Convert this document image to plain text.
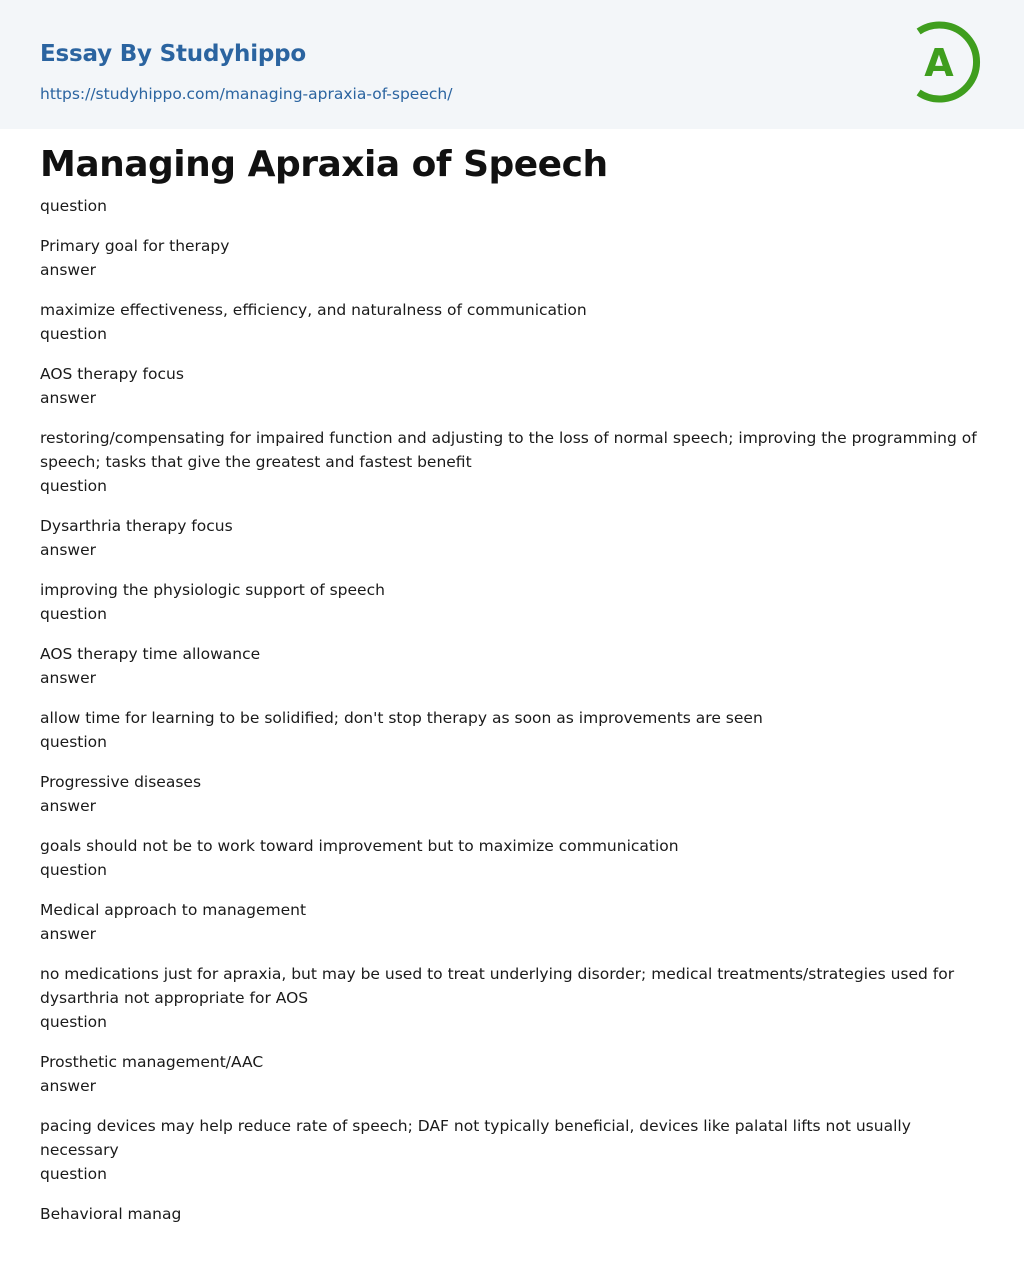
Essay By Studyhippo
https://studyhippo.com/managing-apraxia-of-speech/
A
Managing Apraxia of Speech
question
Primary goal for therapy
answer
maximize effectiveness, efficiency, and naturalness of communication
question
AOS therapy focus
answer
restoring/compensating for impaired function and adjusting to the loss of normal speech; improving the programming of speech; tasks that give the greatest and fastest benefit
question
Dysarthria therapy focus
answer
improving the physiologic support of speech
question
AOS therapy time allowance
answer
allow time for learning to be solidified; don't stop therapy as soon as improvements are seen
question
Progressive diseases
answer
goals should not be to work toward improvement but to maximize communication
question
Medical approach to management
answer
no medications just for apraxia, but may be used to treat underlying disorder; medical treatments/strategies used for dysarthria not appropriate for AOS
question
Prosthetic management/AAC
answer
pacing devices may help reduce rate of speech; DAF not typically beneficial, devices like palatal lifts not usually necessary
question
Behavioral manag
